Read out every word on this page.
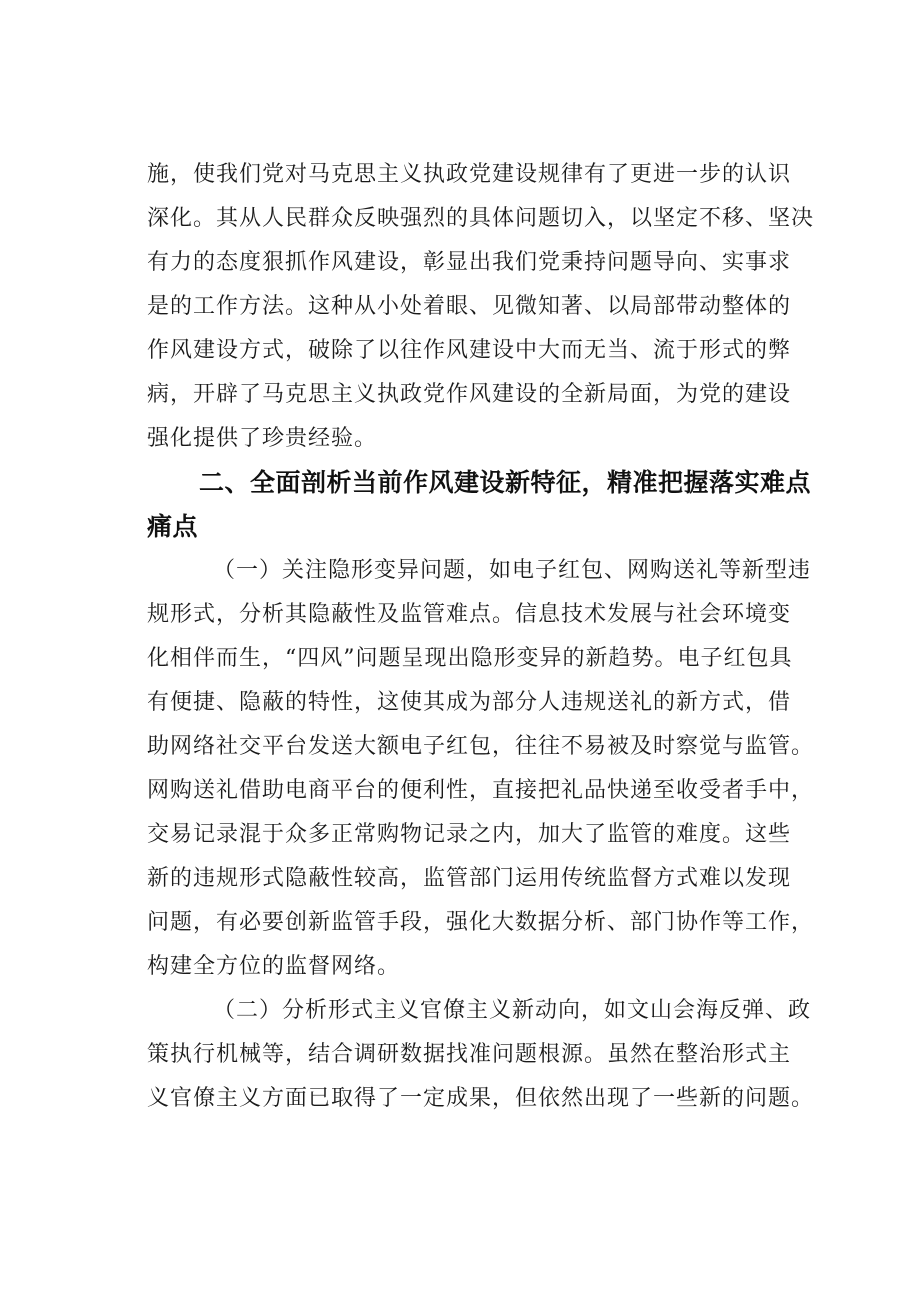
施，使我们党对马克思主义执政党建设规律有了更进一步的认识
深化。其从人民群众反映强烈的具体问题切入，以坚定不移、坚决
有力的态度狠抓作风建设，彰显出我们党秉持问题导向、实事求
是的工作方法。这种从小处着眼、见微知著、以局部带动整体的
作风建设方式，破除了以往作风建设中大而无当、流于形式的弊
病，开辟了马克思主义执政党作风建设的全新局面，为党的建设
强化提供了珍贵经验。
二、全面剖析当前作风建设新特征，精准把握落实难点
痛点
（一）关注隐形变异问题，如电子红包、网购送礼等新型违
规形式，分析其隐蔽性及监管难点。信息技术发展与社会环境变
化相伴而生，“四风”问题呈现出隐形变异的新趋势。电子红包具
有便捷、隐蔽的特性，这使其成为部分人违规送礼的新方式，借
助网络社交平台发送大额电子红包，往往不易被及时察觉与监管。
网购送礼借助电商平台的便利性，直接把礼品快递至收受者手中，
交易记录混于众多正常购物记录之内，加大了监管的难度。这些
新的违规形式隐蔽性较高，监管部门运用传统监督方式难以发现
问题，有必要创新监管手段，强化大数据分析、部门协作等工作，
构建全方位的监督网络。
（二）分析形式主义官僚主义新动向，如文山会海反弹、政
策执行机械等，结合调研数据找准问题根源。虽然在整治形式主
义官僚主义方面已取得了一定成果，但依然出现了一些新的问题。
